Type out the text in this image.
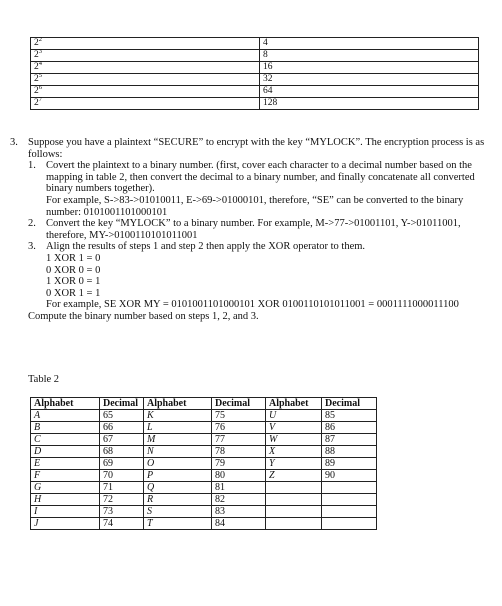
$2^2$	4
$2^3$	8
$2^4$	16
$2^5$	32
$2^6$	64
$2^7$	128
3. Suppose you have a plaintext “SECURE” to encrypt with the key “MYLOCK”. The encryption process is as follows:
1. Covert the plaintext to a binary number. (first, cover each character to a decimal number based on the mapping in table 2, then convert the decimal to a binary number, and finally concatenate all converted binary numbers together).
For example, S->83->01010011, E->69->01000101, therefore, “SE” can be converted to the binary number: 0101001101000101
2. Convert the key “MYLOCK” to a binary number. For example, M->77->01001101, Y->01011001, therefore, MY->0100110101011001
3. Align the results of steps 1 and step 2 then apply the XOR operator to them.
1 XOR 1 = 0
0 XOR 0 = 0
1 XOR 0 = 1
0 XOR 1 = 1
For example, SE XOR MY = 0101001101000101 XOR 0100110101011001 = 0001111000011100
Compute the binary number based on steps 1, 2, and 3.
Table 2
Alphabet	Decimal	Alphabet	Decimal	Alphabet	Decimal
A	65	K	75	U	85
B	66	L	76	V	86
C	67	M	77	W	87
D	68	N	78	X	88
E	69	O	79	Y	89
F	70	P	80	Z	90
G	71	Q	81		
H	72	R	82		
I	73	S	83		
J	74	T	84		
